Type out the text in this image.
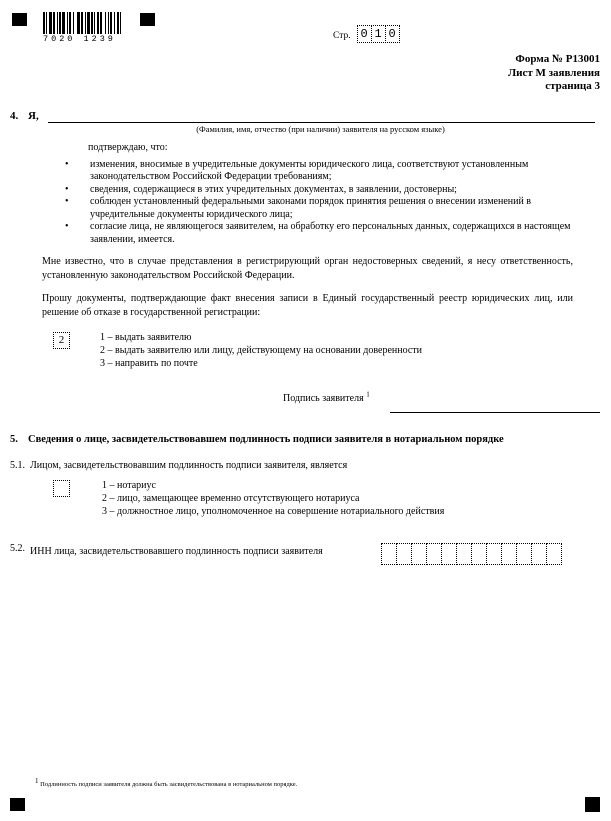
7020 1239	Стр. 0 1 0
Форма № Р13001
Лист М заявления
страница 3
4. Я,
(Фамилия, имя, отчество (при наличии) заявителя на русском языке)
подтверждаю, что:
•	изменения, вносимые в учредительные документы юридического лица, соответствуют установленным законодательством Российской Федерации требованиям;
•	сведения, содержащиеся в этих учредительных документах, в заявлении, достоверны;
•	соблюден установленный федеральными законами порядок принятия решения о внесении изменений в учредительные документы юридического лица;
•	согласие лица, не являющегося заявителем, на обработку его персональных данных, содержащихся в настоящем заявлении, имеется.
Мне известно, что в случае представления в регистрирующий орган недостоверных сведений, я несу ответственность, установленную законодательством Российской Федерации.
Прошу документы, подтверждающие факт внесения записи в Единый государственный реестр юридических лиц, или решение об отказе в государственной регистрации:
2	1 – выдать заявителю
2 – выдать заявителю или лицу, действующему на основании доверенности
3 – направить по почте
Подпись заявителя $^1$
5. Сведения о лице, засвидетельствовавшем подлинность подписи заявителя в нотариальном порядке
5.1. Лицом, засвидетельствовавшим подлинность подписи заявителя, является
1 – нотариус
2 – лицо, замещающее временно отсутствующего нотариуса
3 – должностное лицо, уполномоченное на совершение нотариального действия
5.2. ИНН лица, засвидетельствовавшего подлинность подписи заявителя
$^1$ Подлинность подписи заявителя должна быть засвидетельствована в нотариальном порядке.
